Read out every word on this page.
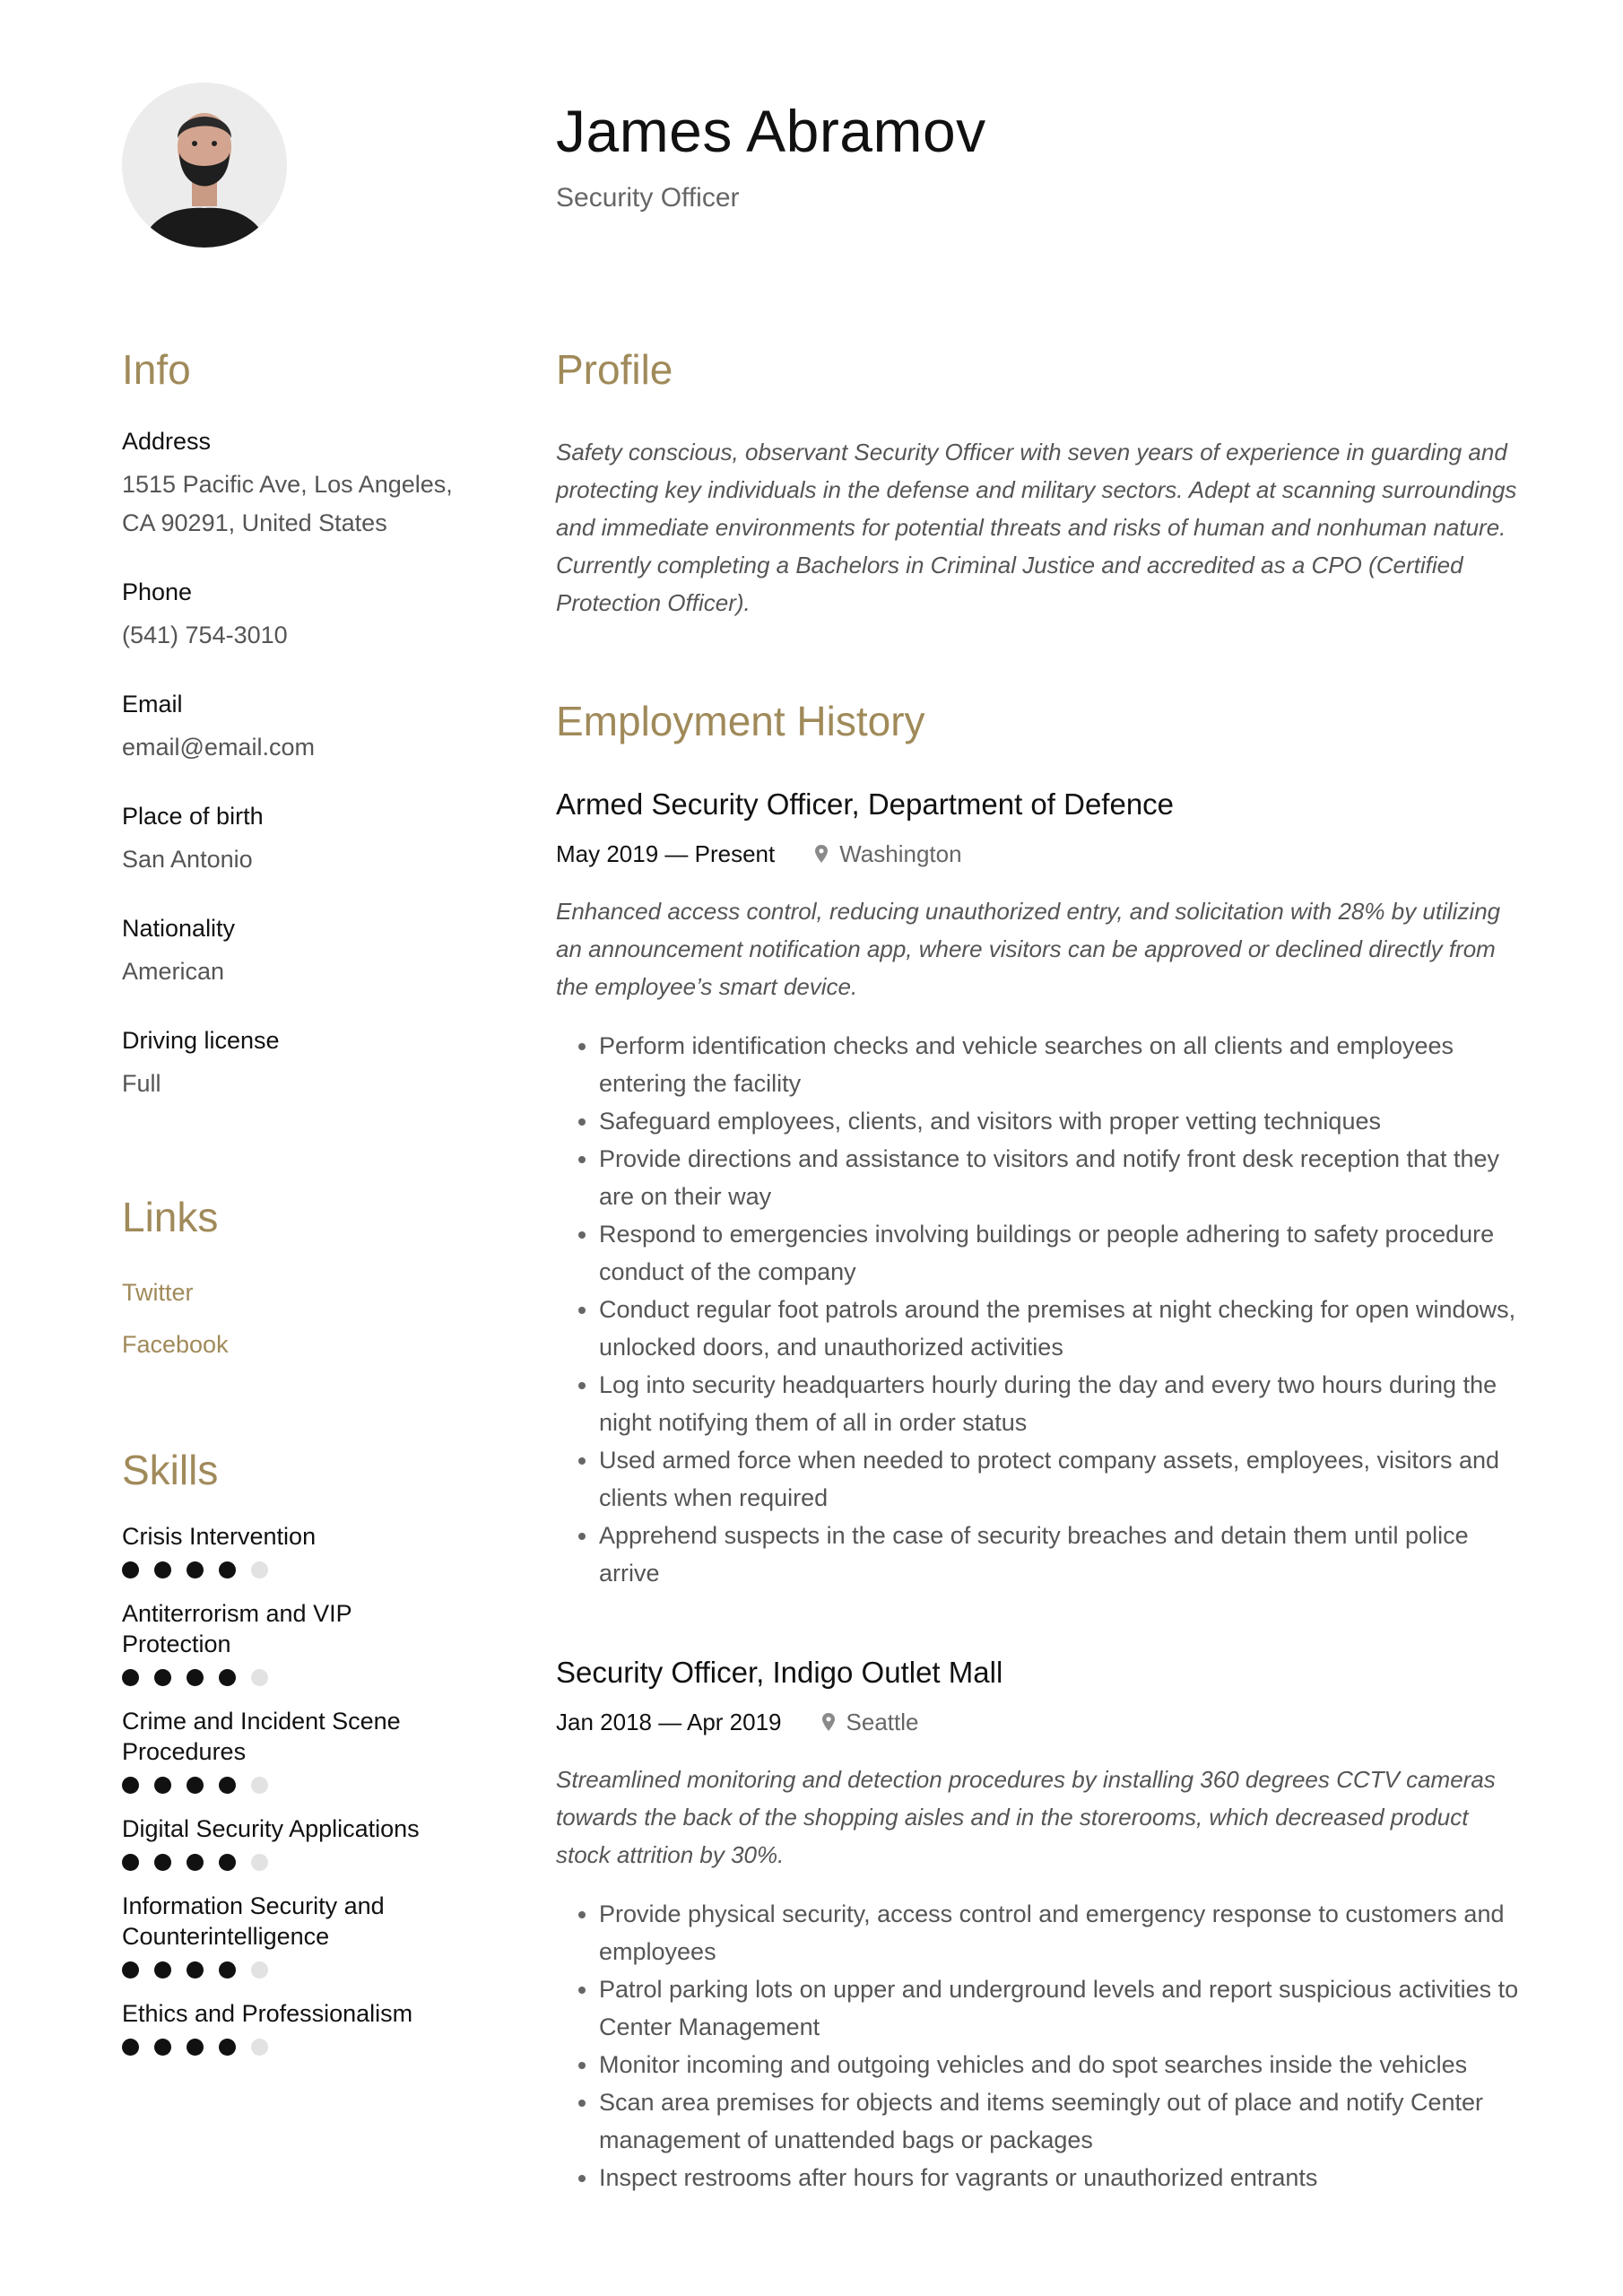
James Abramov
Security Officer
Info
Address
1515 Pacific Ave, Los Angeles, CA 90291, United States
Phone
(541) 754-3010
Email
email@email.com
Place of birth
San Antonio
Nationality
American
Driving license
Full
Links
Twitter
Facebook
Skills
Crisis Intervention
Antiterrorism and VIP Protection
Crime and Incident Scene Procedures
Digital Security Applications
Information Security and Counterintelligence
Ethics and Professionalism
Profile
Safety conscious, observant Security Officer with seven years of experience in guarding and protecting key individuals in the defense and military sectors. Adept at scanning surroundings and immediate environments for potential threats and risks of human and nonhuman nature. Currently completing a Bachelors in Criminal Justice and accredited as a CPO (Certified Protection Officer).
Employment History
Armed Security Officer, Department of Defence
May 2019 — Present	Washington
Enhanced access control, reducing unauthorized entry, and solicitation with 28% by utilizing an announcement notification app, where visitors can be approved or declined directly from the employee’s smart device.
Perform identification checks and vehicle searches on all clients and employees entering the facility
Safeguard employees, clients, and visitors with proper vetting techniques
Provide directions and assistance to visitors and notify front desk reception that they are on their way
Respond to emergencies involving buildings or people adhering to safety procedure conduct of the company
Conduct regular foot patrols around the premises at night checking for open windows, unlocked doors, and unauthorized activities
Log into security headquarters hourly during the day and every two hours during the night notifying them of all in order status
Used armed force when needed to protect company assets, employees, visitors and clients when required
Apprehend suspects in the case of security breaches and detain them until police arrive
Security Officer, Indigo Outlet Mall
Jan 2018 — Apr 2019	Seattle
Streamlined monitoring and detection procedures by installing 360 degrees CCTV cameras towards the back of the shopping aisles and in the storerooms, which decreased product stock attrition by 30%.
Provide physical security, access control and emergency response to customers and employees
Patrol parking lots on upper and underground levels and report suspicious activities to Center Management
Monitor incoming and outgoing vehicles and do spot searches inside the vehicles
Scan area premises for objects and items seemingly out of place and notify Center management of unattended bags or packages
Inspect restrooms after hours for vagrants or unauthorized entrants
